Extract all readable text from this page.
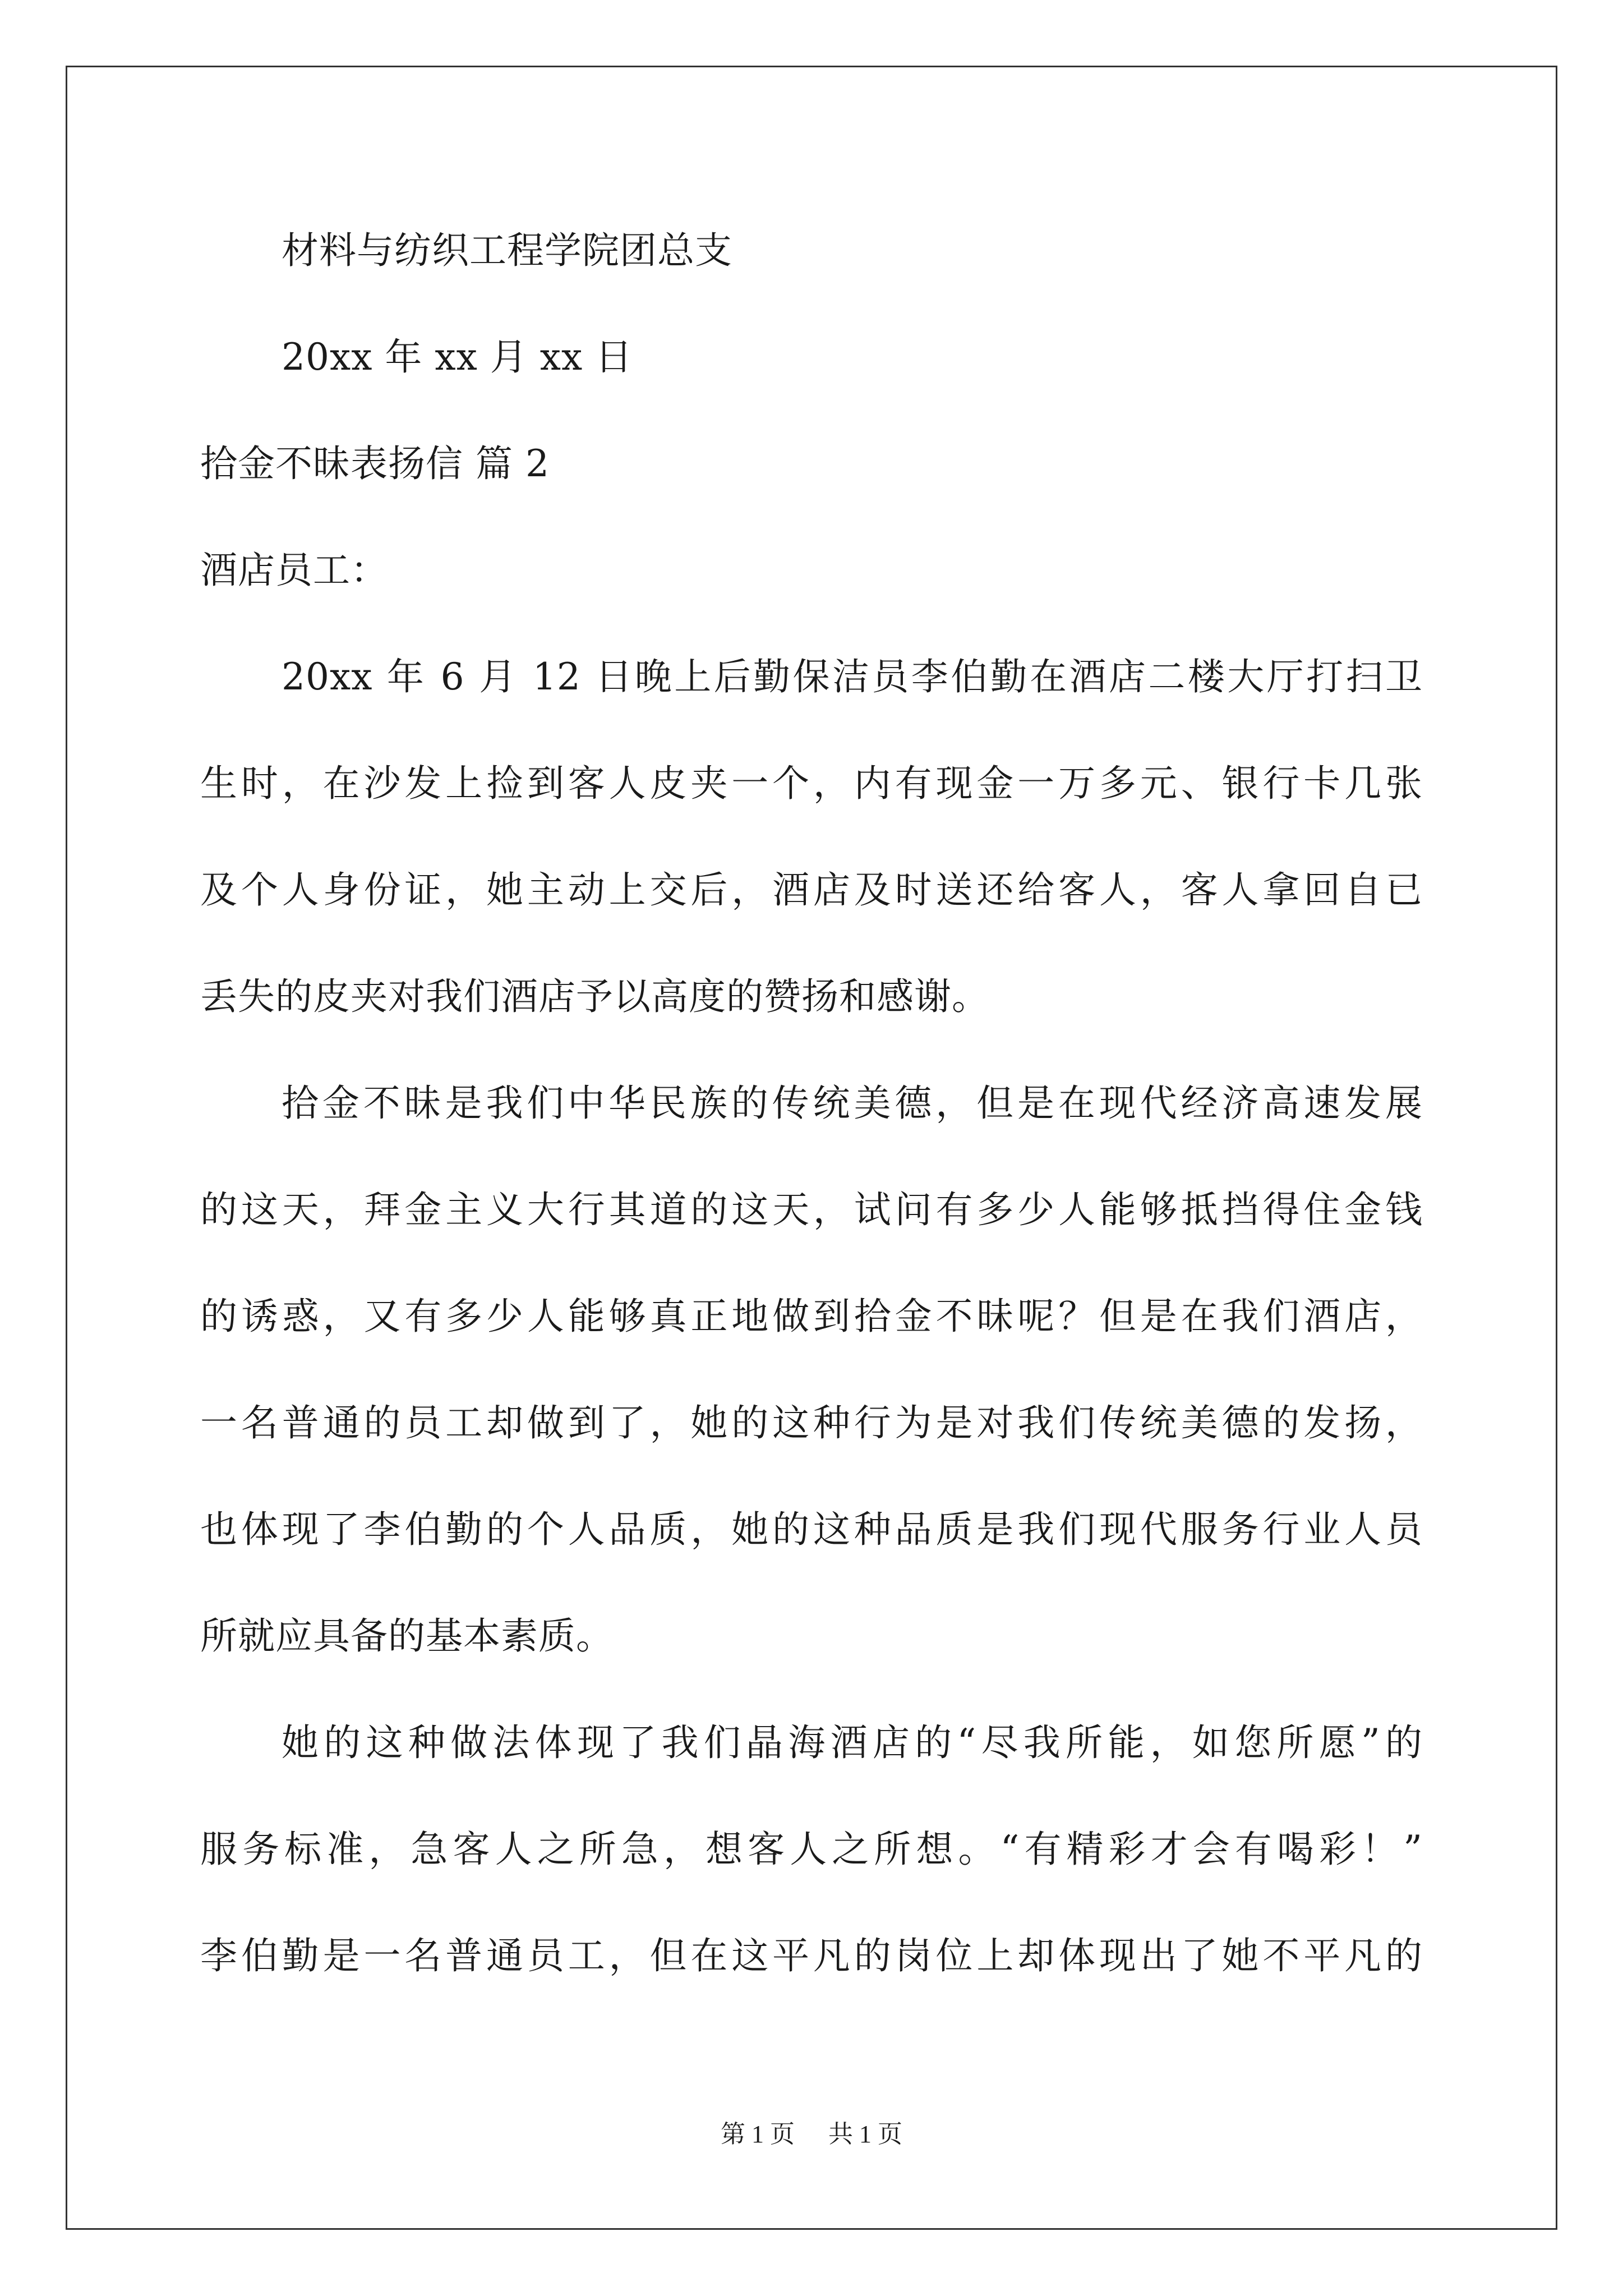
材料与纺织工程学院团总支
20xx 年 xx 月 xx 日
拾金不昧表扬信 篇 2
酒店员工：
20xx 年 6 月 12 日晚上后勤保洁员李伯勤在酒店二楼大厅打扫卫
生时，在沙发上捡到客人皮夹一个，内有现金一万多元、银行卡几张
及个人身份证，她主动上交后，酒店及时送还给客人，客人拿回自已
丢失的皮夹对我们酒店予以高度的赞扬和感谢。
拾金不昧是我们中华民族的传统美德，但是在现代经济高速发展
的这天，拜金主义大行其道的这天，试问有多少人能够抵挡得住金钱
的诱惑，又有多少人能够真正地做到拾金不昧呢？但是在我们酒店，
一名普通的员工却做到了，她的这种行为是对我们传统美德的发扬，
也体现了李伯勤的个人品质，她的这种品质是我们现代服务行业人员
所就应具备的基本素质。
她的这种做法体现了我们晶海酒店的“尽我所能，如您所愿”的
服务标准，急客人之所急，想客人之所想。“有精彩才会有喝彩！”
李伯勤是一名普通员工，但在这平凡的岗位上却体现出了她不平凡的
第 1 页 共 1 页
